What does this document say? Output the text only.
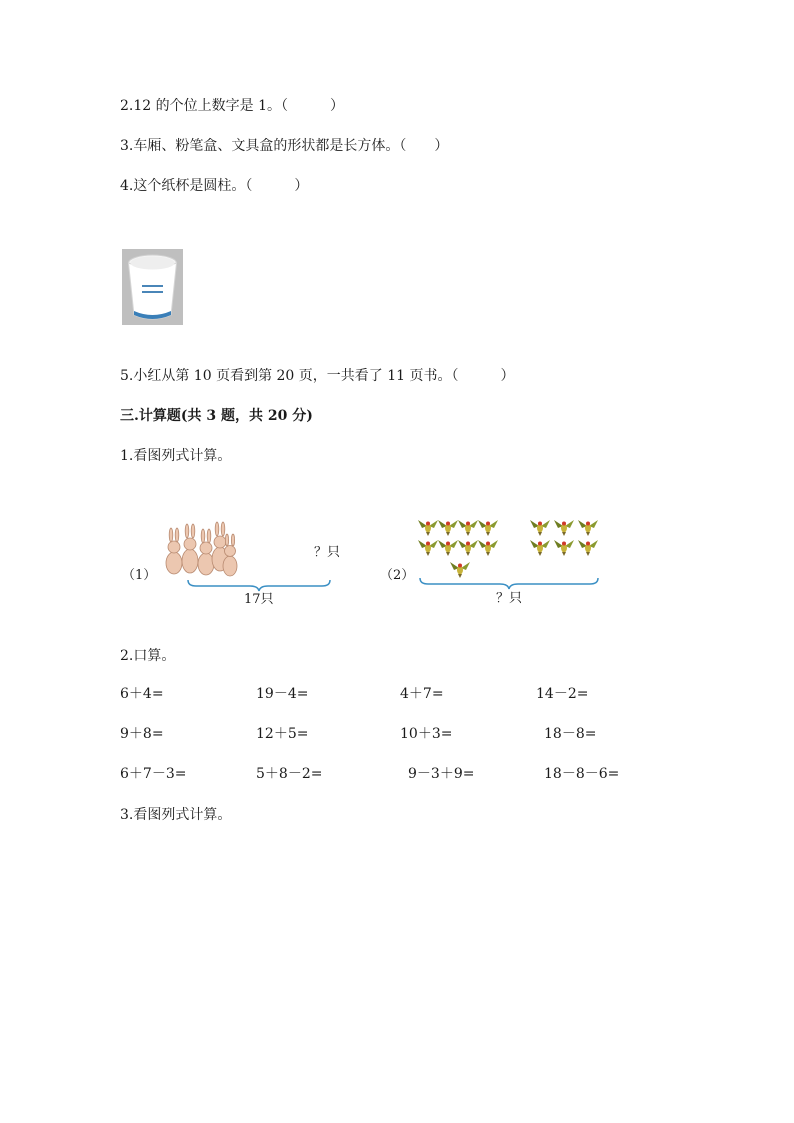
2.12 的个位上数字是 1。（　　　）
3.车厢、粉笔盒、文具盒的形状都是长方体。（　　）
4.这个纸杯是圆柱。（　　　）
5.小红从第 10 页看到第 20 页，一共看了 11 页书。（　　　）
三.计算题(共 3 题，共 20 分)
1.看图列式计算。
（1）
？只
17只
（2）
？只
2.口算。
6＋4=	19－4=	4＋7=	14－2=
9＋8=	12＋5=	10＋3=	18－8=
6＋7－3=	5＋8－2=	9－3＋9=	18－8－6=
3.看图列式计算。
